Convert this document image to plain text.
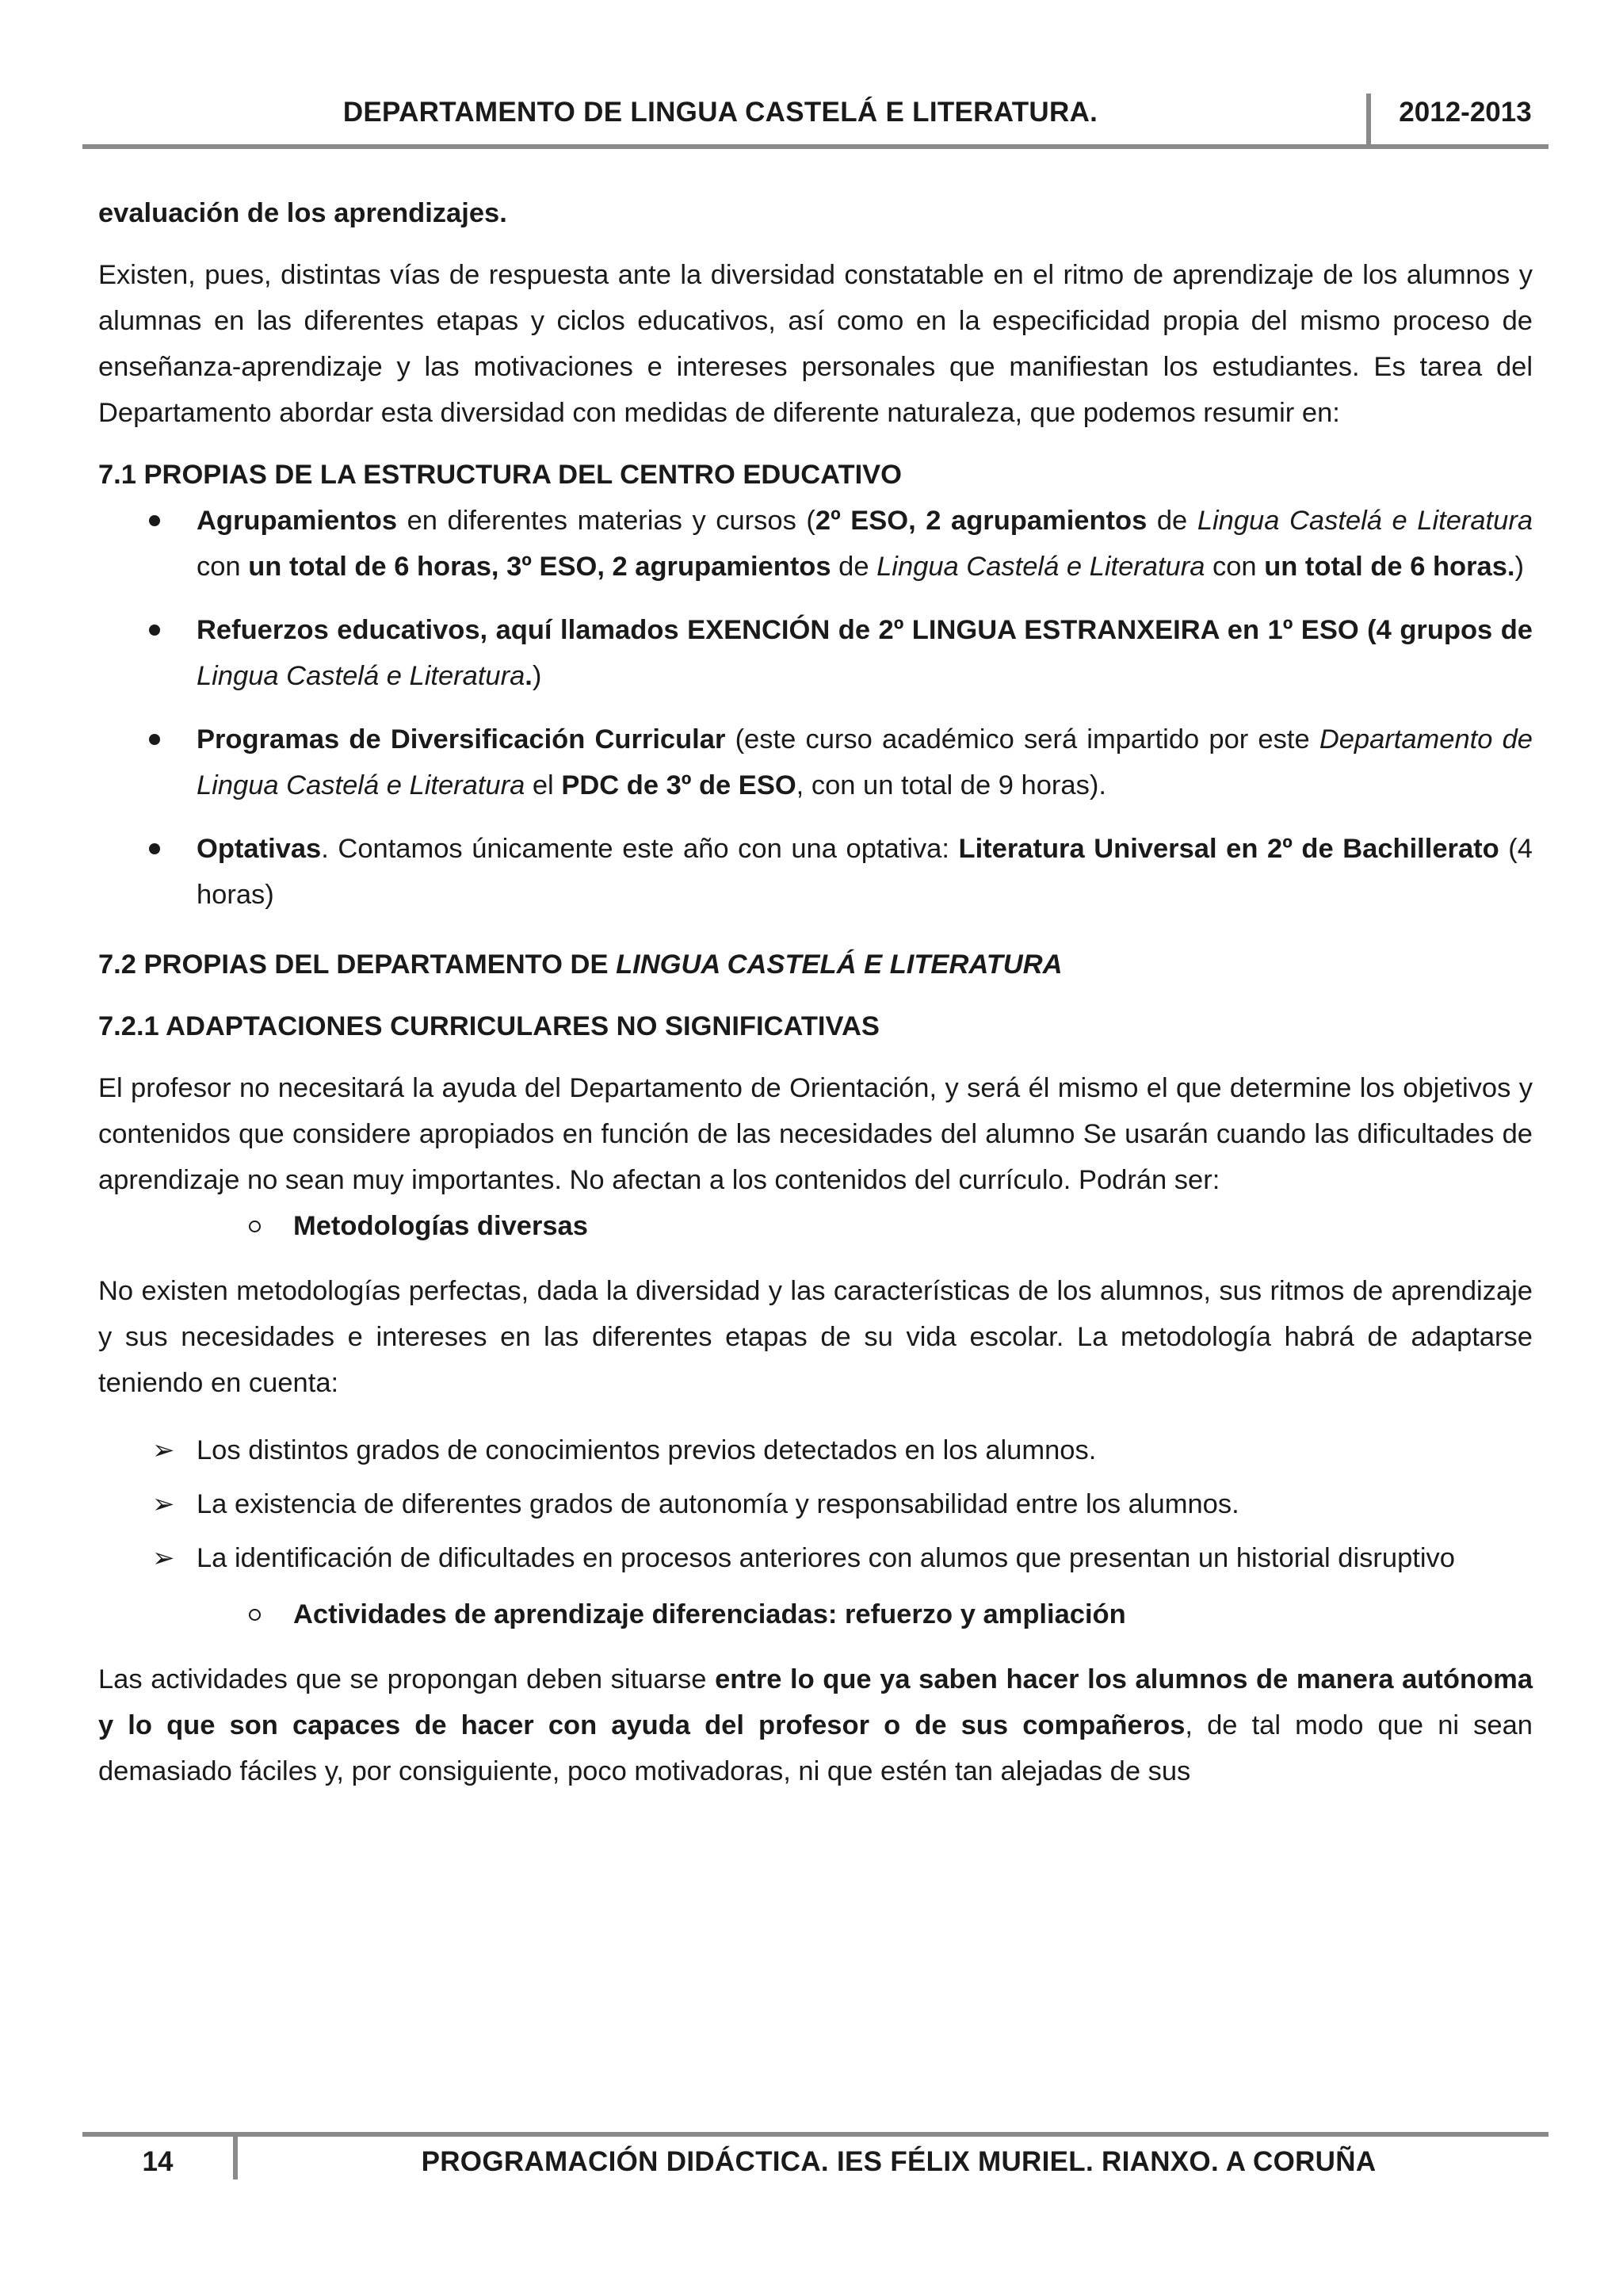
DEPARTAMENTO DE LINGUA CASTELÁ E LITERATURA.	2012-2013

evaluación de los aprendizajes.

Existen, pues, distintas vías de respuesta ante la diversidad constatable en el ritmo de aprendizaje de los alumnos y alumnas en las diferentes etapas y ciclos educativos, así como en la especificidad propia del mismo proceso de enseñanza-aprendizaje y las motivaciones e intereses personales que manifiestan los estudiantes. Es tarea del Departamento abordar esta diversidad con medidas de diferente naturaleza, que podemos resumir en:

7.1 PROPIAS DE LA ESTRUCTURA DEL CENTRO EDUCATIVO

Agrupamientos en diferentes materias y cursos (2º ESO, 2 agrupamientos de Lingua Castelá e Literatura con un total de 6 horas, 3º ESO, 2 agrupamientos de Lingua Castelá e Literatura con un total de 6 horas.)
Refuerzos educativos, aquí llamados EXENCIÓN de 2º LINGUA ESTRANXEIRA en 1º ESO (4 grupos de Lingua Castelá e Literatura.)
Programas de Diversificación Curricular (este curso académico será impartido por este Departamento de Lingua Castelá e Literatura el PDC de 3º de ESO, con un total de 9 horas).
Optativas. Contamos únicamente este año con una optativa: Literatura Universal en 2º de Bachillerato (4 horas)

7.2 PROPIAS DEL DEPARTAMENTO DE LINGUA CASTELÁ E LITERATURA

7.2.1 ADAPTACIONES CURRICULARES NO SIGNIFICATIVAS

El profesor no necesitará la ayuda del Departamento de Orientación, y será él mismo el que determine los objetivos y contenidos que considere apropiados en función de las necesidades del alumno Se usarán cuando las dificultades de aprendizaje no sean muy importantes. No afectan a los contenidos del currículo. Podrán ser:

Metodologías diversas

No existen metodologías perfectas, dada la diversidad y las características de los alumnos, sus ritmos de aprendizaje y sus necesidades e intereses en las diferentes etapas de su vida escolar. La metodología habrá de adaptarse teniendo en cuenta:

➢ Los distintos grados de conocimientos previos detectados en los alumnos.
➢ La existencia de diferentes grados de autonomía y responsabilidad entre los alumnos.
➢ La identificación de dificultades en procesos anteriores con alumos que presentan un historial disruptivo
Actividades de aprendizaje diferenciadas: refuerzo y ampliación

Las actividades que se propongan deben situarse entre lo que ya saben hacer los alumnos de manera autónoma y lo que son capaces de hacer con ayuda del profesor o de sus compañeros, de tal modo que ni sean demasiado fáciles y, por consiguiente, poco motivadoras, ni que estén tan alejadas de sus

14	PROGRAMACIÓN DIDÁCTICA. IES FÉLIX MURIEL. RIANXO. A CORUÑA
